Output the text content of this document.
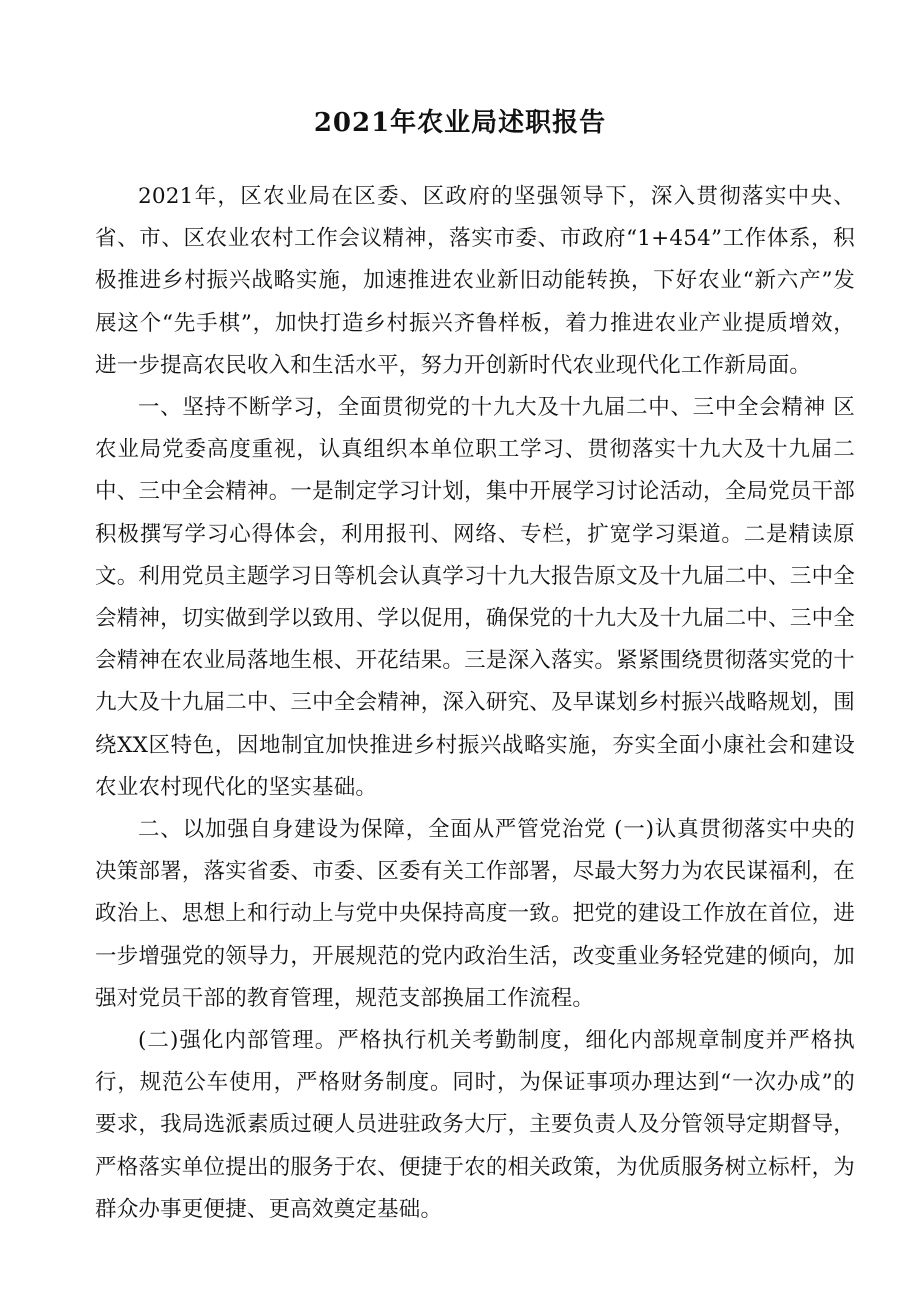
2021年农业局述职报告

2021年，区农业局在区委、区政府的坚强领导下，深入贯彻落实中央、省、市、区农业农村工作会议精神，落实市委、市政府“1+454”工作体系，积极推进乡村振兴战略实施，加速推进农业新旧动能转换，下好农业“新六产”发展这个“先手棋”，加快打造乡村振兴齐鲁样板，着力推进农业产业提质增效，进一步提高农民收入和生活水平，努力开创新时代农业现代化工作新局面。

一、坚持不断学习，全面贯彻党的十九大及十九届二中、三中全会精神 区农业局党委高度重视，认真组织本单位职工学习、贯彻落实十九大及十九届二中、三中全会精神。一是制定学习计划，集中开展学习讨论活动，全局党员干部积极撰写学习心得体会，利用报刊、网络、专栏，扩宽学习渠道。二是精读原文。利用党员主题学习日等机会认真学习十九大报告原文及十九届二中、三中全会精神，切实做到学以致用、学以促用，确保党的十九大及十九届二中、三中全会精神在农业局落地生根、开花结果。三是深入落实。紧紧围绕贯彻落实党的十九大及十九届二中、三中全会精神，深入研究、及早谋划乡村振兴战略规划，围绕XX区特色，因地制宜加快推进乡村振兴战略实施，夯实全面小康社会和建设农业农村现代化的坚实基础。

二、以加强自身建设为保障，全面从严管党治党 (一)认真贯彻落实中央的决策部署，落实省委、市委、区委有关工作部署，尽最大努力为农民谋福利，在政治上、思想上和行动上与党中央保持高度一致。把党的建设工作放在首位，进一步增强党的领导力，开展规范的党内政治生活，改变重业务轻党建的倾向，加强对党员干部的教育管理，规范支部换届工作流程。

(二)强化内部管理。严格执行机关考勤制度，细化内部规章制度并严格执行，规范公车使用，严格财务制度。同时，为保证事项办理达到“一次办成”的要求，我局选派素质过硬人员进驻政务大厅，主要负责人及分管领导定期督导，严格落实单位提出的服务于农、便捷于农的相关政策，为优质服务树立标杆，为群众办事更便捷、更高效奠定基础。
